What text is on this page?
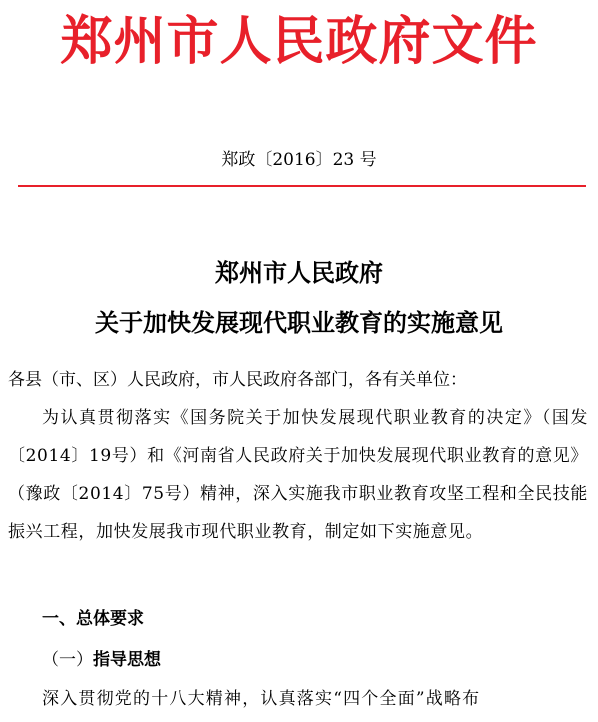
郑州市人民政府文件
郑政〔2016〕23 号
郑州市人民政府
关于加快发展现代职业教育的实施意见
各县（市、区）人民政府，市人民政府各部门，各有关单位：
为认真贯彻落实《国务院关于加快发展现代职业教育的决定》（国发〔2014〕19号）和《河南省人民政府关于加快发展现代职业教育的意见》（豫政〔2014〕75号）精神，深入实施我市职业教育攻坚工程和全民技能振兴工程，加快发展我市现代职业教育，制定如下实施意见。
一、总体要求
（一）指导思想
深入贯彻党的十八大精神，认真落实“四个全面”战略布
